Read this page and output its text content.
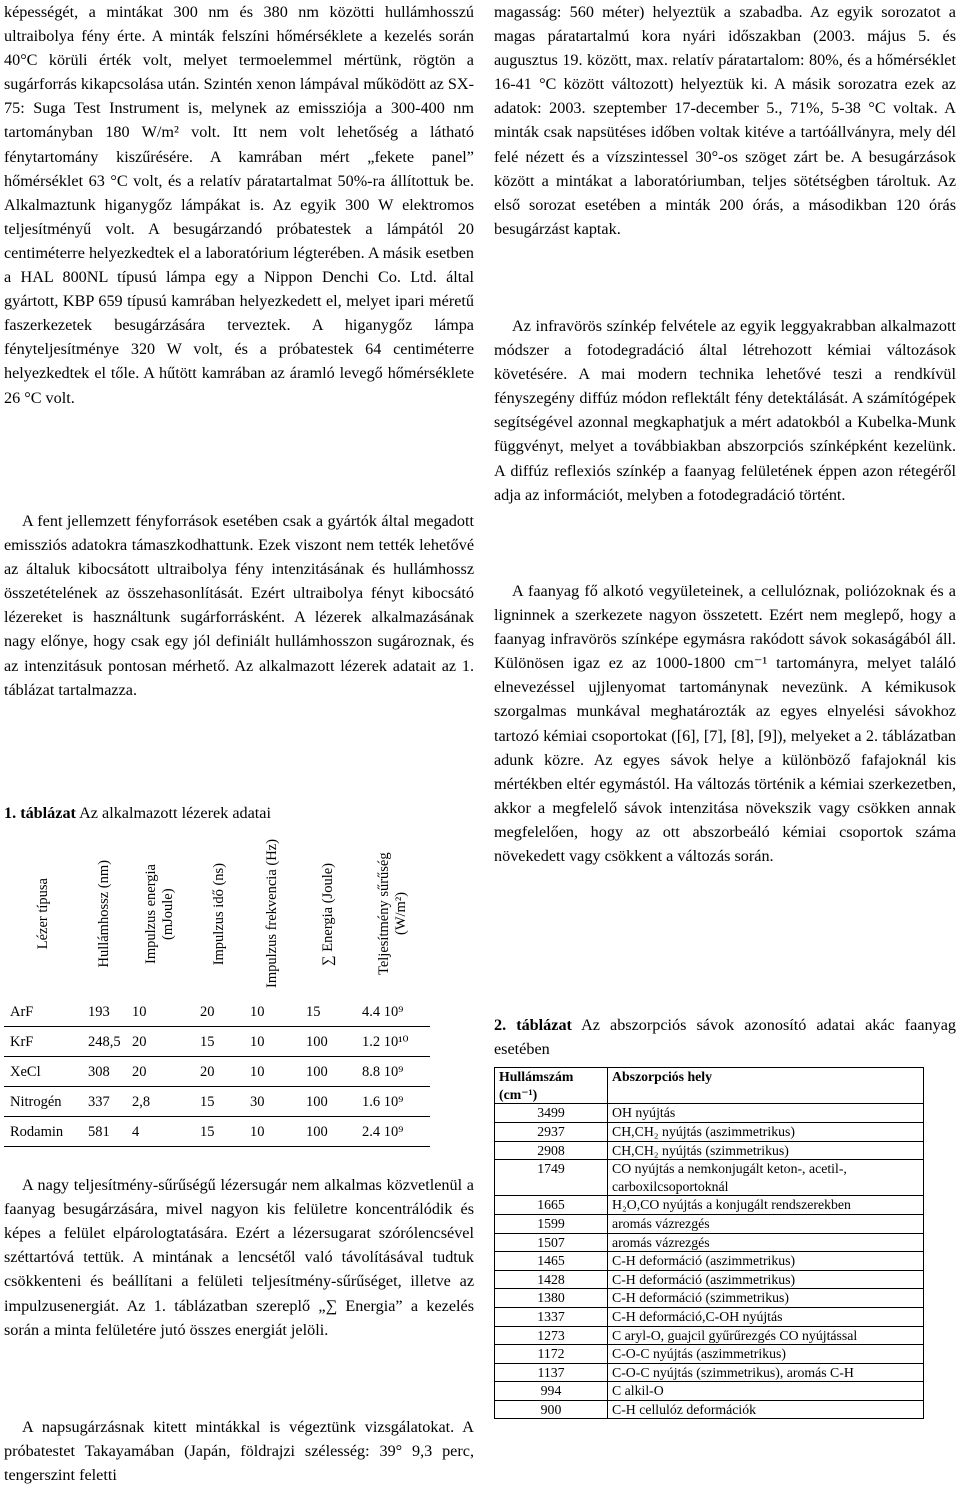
képességét, a mintákat 300 nm és 380 nm közötti hullámhosszú ultraibolya fény érte. A minták felszíni hőmérséklete a kezelés során 40°C körüli érték volt, melyet termoelemmel mértünk, rögtön a sugárforrás kikapcsolása után. Szintén xenon lámpával működött az SX-75: Suga Test Instrument is, melynek az emissziója a 300-400 nm tartományban 180 W/m² volt. Itt nem volt lehetőség a látható fénytartomány kiszűrésére. A kamrában mért „fekete panel” hőmérséklet 63 °C volt, és a relatív páratartalmat 50%-ra állítottuk be. Alkalmaztunk higanygőz lámpákat is. Az egyik 300 W elektromos teljesítményű volt. A besugárzandó próbatestek a lámpától 20 centiméterre helyezkedtek el a laboratórium légterében. A másik esetben a HAL 800NL típusú lámpa egy a Nippon Denchi Co. Ltd. által gyártott, KBP 659 típusú kamrában helyezkedett el, melyet ipari méretű faszerkezetek besugárzására terveztek. A higanygőz lámpa fényteljesítménye 320 W volt, és a próbatestek 64 centiméterre helyezkedtek el tőle. A hűtött kamrában az áramló levegő hőmérséklete 26 °C volt.

A fent jellemzett fényforrások esetében csak a gyártók által megadott emissziós adatokra támaszkodhattunk. Ezek viszont nem tették lehetővé az általuk kibocsátott ultraibolya fény intenzitásának és hullámhossz összetételének az összehasonlítását. Ezért ultraibolya fényt kibocsátó lézereket is használtunk sugárforrásként. A lézerek alkalmazásának nagy előnye, hogy csak egy jól definiált hullámhosszon sugároznak, és az intenzitásuk pontosan mérhető. Az alkalmazott lézerek adatait az 1. táblázat tartalmazza.

1. táblázat Az alkalmazott lézerek adatai

Lézer típusa	Hullámhossz (nm)	Impulzus energia (mJoule)	Impulzus idő (ns)	Impulzus frekvencia (Hz)	∑ Energia (Joule)	Teljesítmény sűrűség (W/m²)

ArF	193	10	20	10	15	4.4 10⁹
KrF	248,5	20	15	10	100	1.2 10¹⁰
XeCl	308	20	20	10	100	8.8 10⁹
Nitrogén	337	2,8	15	30	100	1.6 10⁹
Rodamin	581	4	15	10	100	2.4 10⁹

A nagy teljesítmény-sűrűségű lézersugár nem alkalmas közvetlenül a faanyag besugárzására, mivel nagyon kis felületre koncentrálódik és képes a felület elpárologtatására. Ezért a lézersugarat szórólencsével széttartóvá tettük. A mintának a lencsétől való távolításával tudtuk csökkenteni és beállítani a felületi teljesítmény-sűrűséget, illetve az impulzusenergiát. Az 1. táblázatban szereplő „∑ Energia” a kezelés során a minta felületére jutó összes energiát jelöli.

A napsugárzásnak kitett mintákkal is végeztünk vizsgálatokat. A próbatestet Takayamában (Japán, földrajzi szélesség: 39° 9,3 perc, tengerszint feletti

magasság: 560 méter) helyeztük a szabadba. Az egyik sorozatot a magas páratartalmú kora nyári időszakban (2003. május 5. és augusztus 19. között, max. relatív páratartalom: 80%, és a hőmérséklet 16-41 °C között változott) helyeztük ki. A másik sorozatra ezek az adatok: 2003. szeptember 17-december 5., 71%, 5-38 °C voltak. A minták csak napsütéses időben voltak kitéve a tartóállványra, mely dél felé nézett és a vízszintessel 30°-os szöget zárt be. A besugárzások között a mintákat a laboratóriumban, teljes sötétségben tároltuk. Az első sorozat esetében a minták 200 órás, a másodikban 120 órás besugárzást kaptak.

Az infravörös színkép felvétele az egyik leggyakrabban alkalmazott módszer a fotodegradáció által létrehozott kémiai változások követésére. A mai modern technika lehetővé teszi a rendkívül fényszegény diffúz módon reflektált fény detektálását. A számítógépek segítségével azonnal megkaphatjuk a mért adatokból a Kubelka-Munk függvényt, melyet a továbbiakban abszorpciós színképként kezelünk. A diffúz reflexiós színkép a faanyag felületének éppen azon rétegéről adja az információt, melyben a fotodegradáció történt.

A faanyag fő alkotó vegyületeinek, a cellulóznak, poliózoknak és a ligninnek a szerkezete nagyon összetett. Ezért nem meglepő, hogy a faanyag infravörös színképe egymásra rakódott sávok sokaságából áll. Különösen igaz ez az 1000-1800 cm⁻¹ tartományra, melyet találó elnevezéssel ujjlenyomat tartománynak nevezünk. A kémikusok szorgalmas munkával meghatározták az egyes elnyelési sávokhoz tartozó kémiai csoportokat ([6], [7], [8], [9]), melyeket a 2. táblázatban adunk közre. Az egyes sávok helye a különböző fafajoknál kis mértékben eltér egymástól. Ha változás történik a kémiai szerkezetben, akkor a megfelelő sávok intenzitása növekszik vagy csökken annak megfelelően, hogy az ott abszorbeáló kémiai csoportok száma növekedett vagy csökkent a változás során.

2. táblázat Az abszorpciós sávok azonosító adatai akác faanyag esetében

Hullámszám (cm⁻¹)	Abszorpciós hely
3499	OH nyújtás
2937	CH,CH₂ nyújtás (aszimmetrikus)
2908	CH,CH₂ nyújtás (szimmetrikus)
1749	CO nyújtás a nemkonjugált keton-, acetil-, carboxilcsoportoknál
1665	H₂O,CO nyújtás a konjugált rendszerekben
1599	aromás vázrezgés
1507	aromás vázrezgés
1465	C-H deformáció (aszimmetrikus)
1428	C-H deformáció (aszimmetrikus)
1380	C-H deformáció (szimmetrikus)
1337	C-H deformáció,C-OH nyújtás
1273	C aryl-O, guajcil gyűrűrezgés CO nyújtással
1172	C-O-C nyújtás (aszimmetrikus)
1137	C-O-C nyújtás (szimmetrikus), aromás C-H
994	C alkil-O
900	C-H cellulóz deformációk
